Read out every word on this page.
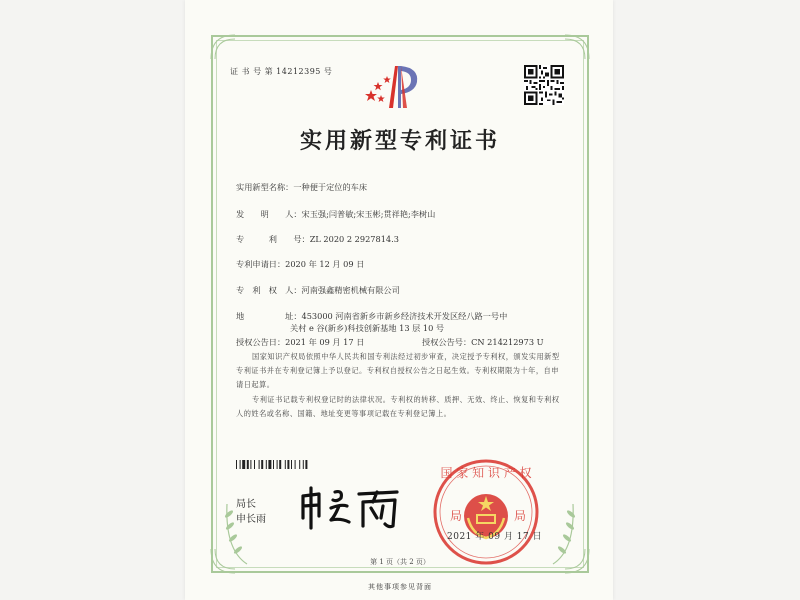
证 书 号 第 14212395 号
实用新型专利证书
实用新型名称：一种便于定位的车床
发　　明　　人：宋玉强;闫普敏;宋玉彬;贯祥艳;李树山
专　　　利　　号：ZL 2020 2 2927814.3
专利申请日：2020 年 12 月 09 日
专　利　权　人：河南强鑫精密机械有限公司
地　　　　　址：453000 河南省新乡市新乡经济技术开发区经八路一号中
关村 e 谷(新乡)科技创新基地 13 层 10 号
授权公告日：2021 年 09 月 17 日	授权公告号：CN 214212973 U
国家知识产权局依照中华人民共和国专利法经过初步审查，决定授予专利权，颁发实用新型专利证书并在专利登记簿上予以登记。专利权自授权公告之日起生效。专利权期限为十年，自申请日起算。
专利证书记载专利权登记时的法律状况。专利权的转移、质押、无效、终止、恢复和专利权人的姓名或名称、国籍、地址变更等事项记载在专利登记簿上。
局长
申长雨
国 家 知 识 产 权
局	局
2021 年 09 月 17 日
第 1 页（共 2 页）
其他事项参见背面
